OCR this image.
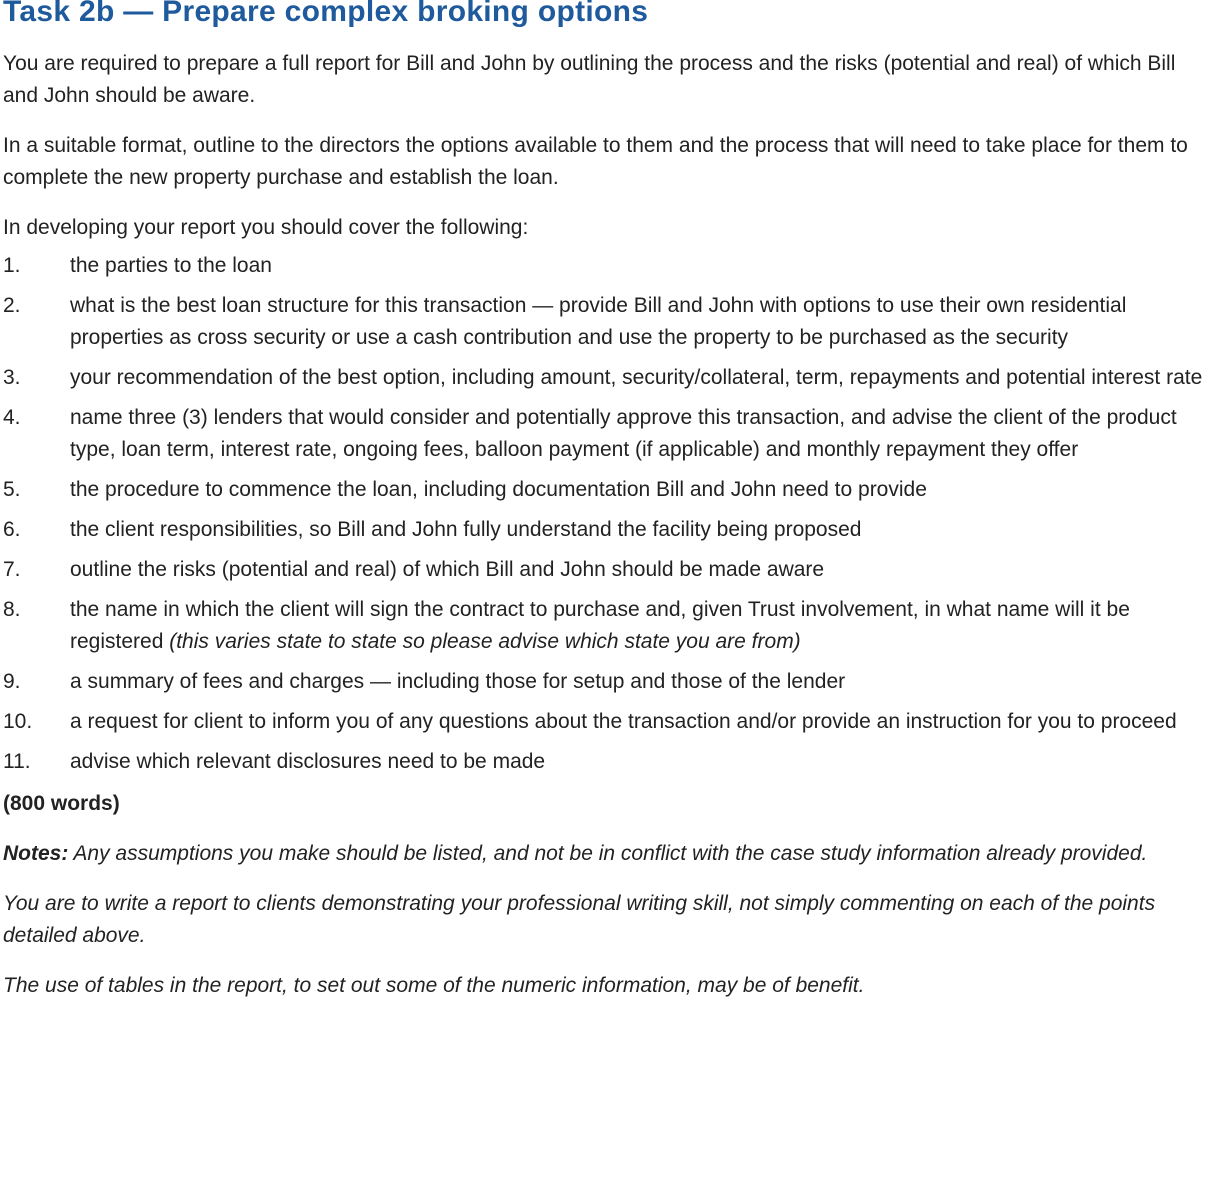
Task 2b — Prepare complex broking options

You are required to prepare a full report for Bill and John by outlining the process and the risks (potential and real) of which Bill and John should be aware.

In a suitable format, outline to the directors the options available to them and the process that will need to take place for them to complete the new property purchase and establish the loan.

In developing your report you should cover the following:

1.	the parties to the loan
2.	what is the best loan structure for this transaction — provide Bill and John with options to use their own residential properties as cross security or use a cash contribution and use the property to be purchased as the security
3.	your recommendation of the best option, including amount, security/collateral, term, repayments and potential interest rate
4.	name three (3) lenders that would consider and potentially approve this transaction, and advise the client of the product type, loan term, interest rate, ongoing fees, balloon payment (if applicable) and monthly repayment they offer
5.	the procedure to commence the loan, including documentation Bill and John need to provide
6.	the client responsibilities, so Bill and John fully understand the facility being proposed
7.	outline the risks (potential and real) of which Bill and John should be made aware
8.	the name in which the client will sign the contract to purchase and, given Trust involvement, in what name will it be registered (this varies state to state so please advise which state you are from)
9.	a summary of fees and charges — including those for setup and those of the lender
10.	a request for client to inform you of any questions about the transaction and/or provide an instruction for you to proceed
11.	advise which relevant disclosures need to be made

(800 words)

Notes: Any assumptions you make should be listed, and not be in conflict with the case study information already provided.

You are to write a report to clients demonstrating your professional writing skill, not simply commenting on each of the points detailed above.

The use of tables in the report, to set out some of the numeric information, may be of benefit.
